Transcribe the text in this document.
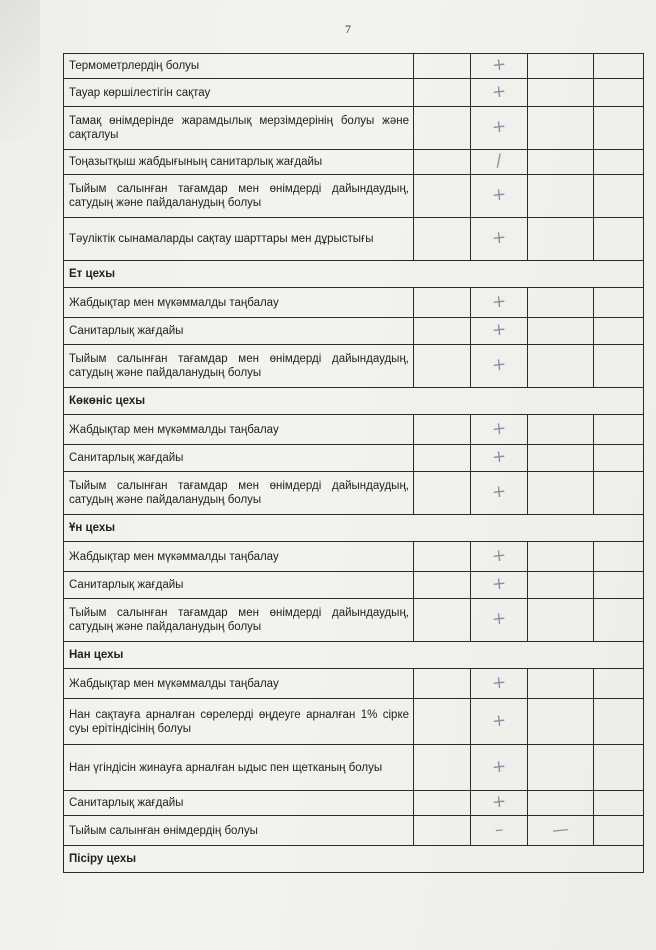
7
Термометрлердің болуы		+		
Тауар көршілестігін сақтау		+		
Тамақ өнімдерінде жарамдылық мерзімдерінің болуы және сақталуы		+		
Тоңазытқыш жабдығының санитарлық жағдайы		/		
Тыйым салынған тағамдар мен өнімдерді дайындаудың, сатудың және пайдаланудың болуы		+		
Тәуліктік сынамаларды сақтау шарттары мен дұрыстығы		+		
Ет цехы				
Жабдықтар мен мүкәммалды таңбалау		+		
Санитарлық жағдайы		+		
Тыйым салынған тағамдар мен өнімдерді дайындаудың, сатудың және пайдаланудың болуы		+		
Көкөніс цехы				
Жабдықтар мен мүкәммалды таңбалау		+		
Санитарлық жағдайы		+		
Тыйым салынған тағамдар мен өнімдерді дайындаудың, сатудың және пайдаланудың болуы		+		
Ұн цехы				
Жабдықтар мен мүкәммалды таңбалау		+		
Санитарлық жағдайы		+		
Тыйым салынған тағамдар мен өнімдерді дайындаудың, сатудың және пайдаланудың болуы		+		
Нан цехы				
Жабдықтар мен мүкәммалды таңбалау		+		
Нан сақтауға арналған сөрелерді өңдеуге арналған 1% сірке суы ерітіндісінің болуы		+		
Нан үгіндісін жинауға арналған ыдыс пен щетканың болуы		+		
Санитарлық жағдайы		+		
Тыйым салынған өнімдердің болуы		–	—	
Пісіру цехы				
